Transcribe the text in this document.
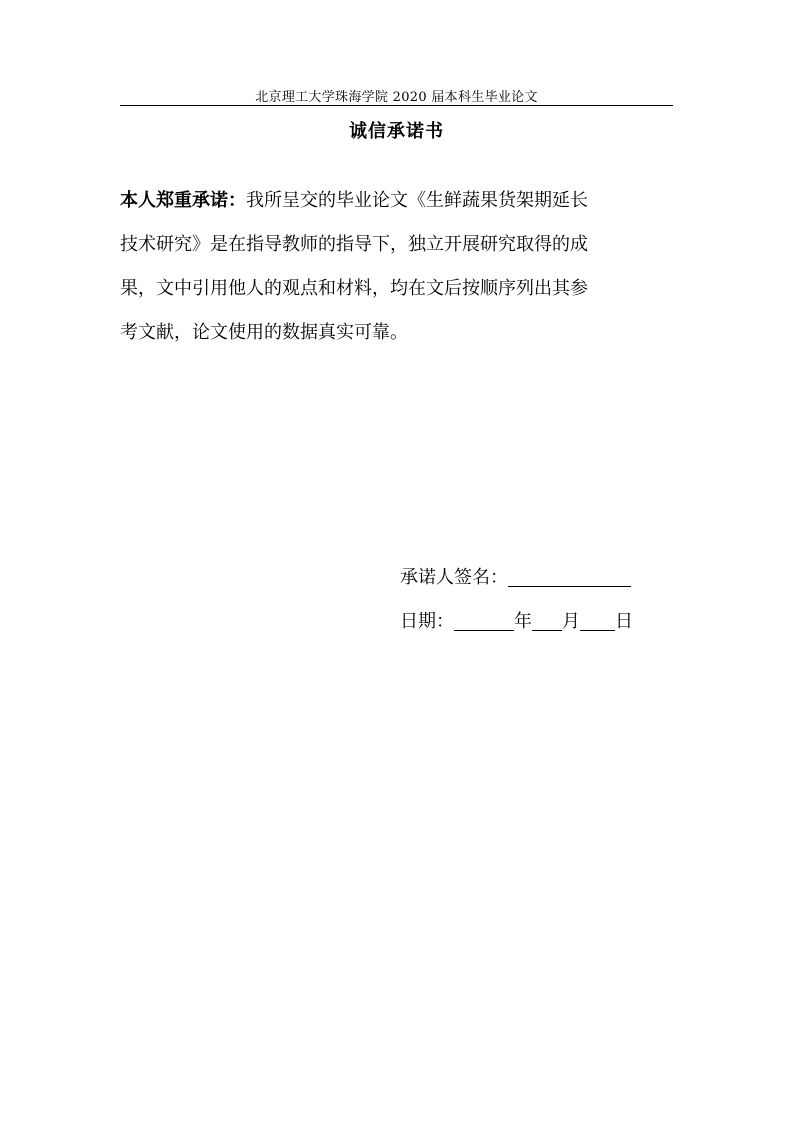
北京理工大学珠海学院 2020 届本科生毕业论文
诚信承诺书
本人郑重承诺：我所呈交的毕业论文《生鲜蔬果货架期延长
技术研究》是在指导教师的指导下，独立开展研究取得的成
果，文中引用他人的观点和材料，均在文后按顺序列出其参
考文献，论文使用的数据真实可靠。
承诺人签名：
日期：	年 月 日
